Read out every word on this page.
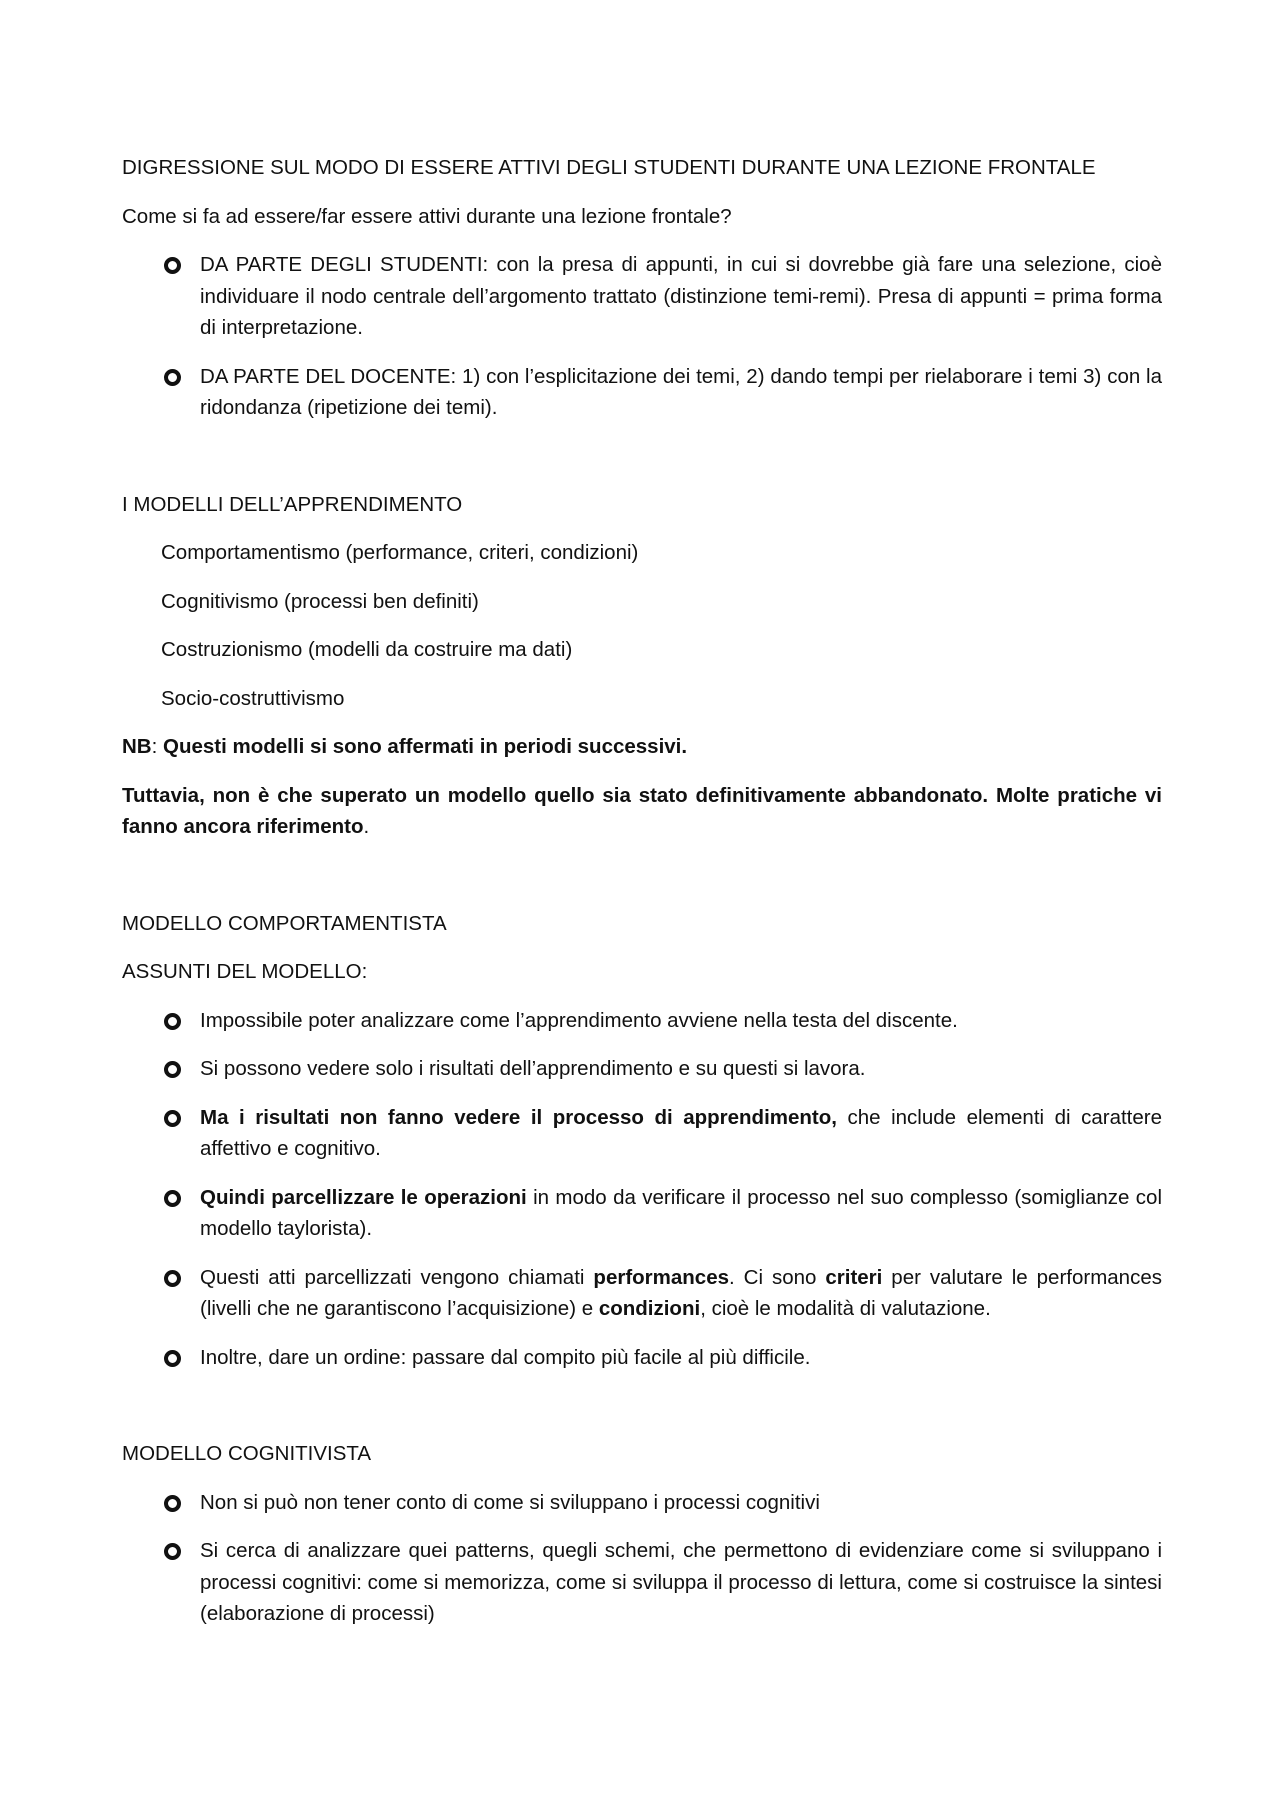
DIGRESSIONE SUL MODO DI ESSERE ATTIVI DEGLI STUDENTI DURANTE UNA LEZIONE FRONTALE

Come si fa ad essere/far essere attivi durante una lezione frontale?

DA PARTE DEGLI STUDENTI: con la presa di appunti, in cui si dovrebbe già fare una selezione, cioè individuare il nodo centrale dell’argomento trattato (distinzione temi-remi). Presa di appunti = prima forma di interpretazione.
DA PARTE DEL DOCENTE: 1) con l’esplicitazione dei temi, 2) dando tempi per rielaborare i temi 3) con la ridondanza (ripetizione dei temi).

I MODELLI DELL’APPRENDIMENTO

Comportamentismo (performance, criteri, condizioni)

Cognitivismo (processi ben definiti)

Costruzionismo (modelli da costruire ma dati)

Socio-costruttivismo

NB: Questi modelli si sono affermati in periodi successivi.

Tuttavia, non è che superato un modello quello sia stato definitivamente abbandonato. Molte pratiche vi fanno ancora riferimento.

MODELLO COMPORTAMENTISTA

ASSUNTI DEL MODELLO:

Impossibile poter analizzare come l’apprendimento avviene nella testa del discente.
Si possono vedere solo i risultati dell’apprendimento e su questi si lavora.
Ma i risultati non fanno vedere il processo di apprendimento, che include elementi di carattere affettivo e cognitivo.
Quindi parcellizzare le operazioni in modo da verificare il processo nel suo complesso (somiglianze col modello taylorista).
Questi atti parcellizzati vengono chiamati performances. Ci sono criteri per valutare le performances (livelli che ne garantiscono l’acquisizione) e condizioni, cioè le modalità di valutazione.
Inoltre, dare un ordine: passare dal compito più facile al più difficile.

MODELLO COGNITIVISTA

Non si può non tener conto di come si sviluppano i processi cognitivi
Si cerca di analizzare quei patterns, quegli schemi, che permettono di evidenziare come si sviluppano i processi cognitivi: come si memorizza, come si sviluppa il processo di lettura, come si costruisce la sintesi (elaborazione di processi)
